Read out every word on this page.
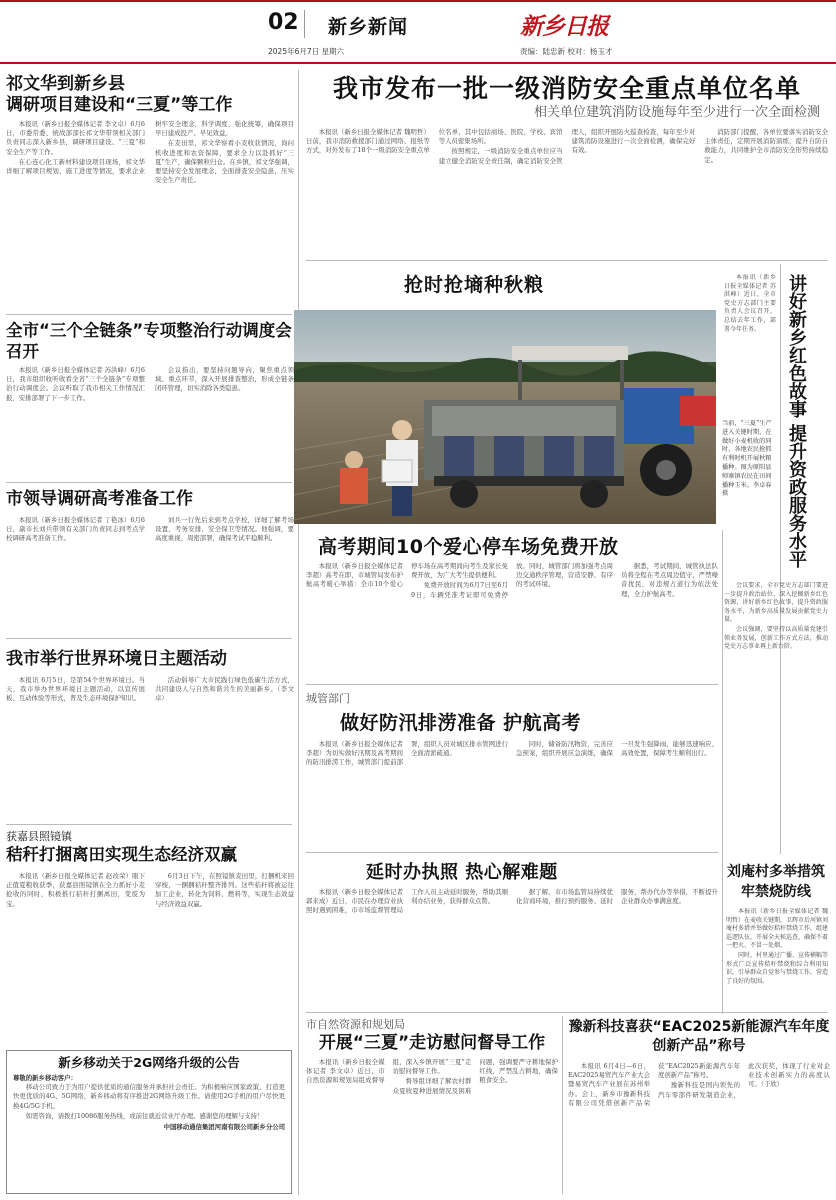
02 新乡新闻
2025年6月7日 星期六
新乡日报
责编：陆忠新 校对：杨玉才
祁文华到新乡县
调研项目建设和“三夏”等工作

本报讯（新乡日报全媒体记者 李文卓）6月6日，市委常委、统战部部长祁文华带领相关部门负责同志深入新乡县，调研项目建设、“三夏”和安全生产等工作。

在心连心化工新材料建设项目现场，祁文华详细了解项目规划、施工进度等情况，要求企业树牢安全理念，科学调度、强化统筹，确保项目早日建成投产、早见效益。

在麦田里，祁文华察看小麦收获情况，询问机收进度和农资保障，要求全力以赴抓好“三夏”生产，确保颗粒归仓。在乡镇，祁文华强调，要坚持安全发展理念，全面排查安全隐患，压实安全生产责任。

全市“三个全链条”专项整治行动调度会召开

本报讯（新乡日报全媒体记者 苏洪峰）6月6日，我市组织收听收看全省“三个全链条”专项整治行动调度会。会议听取了我市相关工作情况汇报，安排部署了下一步工作。

会议指出，要坚持问题导向，聚焦重点领域、重点环节，深入开展排查整治，形成全链条闭环管理，切实消除各类隐患。

市领导调研高考准备工作

本报讯（新乡日报全媒体记者 丁艳冰）6月6日，副市长刘兵带领有关部门负责同志到考点学校调研高考准备工作。

刘兵一行先后来到考点学校，详细了解考场设置、考务安排、安全保卫等情况。他强调，要高度重视、周密部署，确保考试平稳顺利。

我市举行世界环境日主题活动

本报讯 6月5日，是第54个世界环境日。当天，我市举办世界环境日主题活动，以宣传展板、互动体验等形式，普及生态环境保护知识。

活动倡导广大市民践行绿色低碳生活方式，共同建设人与自然和谐共生的美丽新乡。（李文卓）

获嘉县照镜镇
秸秆打捆离田实现生态经济双赢

本报讯（新乡日报全媒体记者 赵改荣）眼下正值夏粮收获季，获嘉县照镜镇在全力抓好小麦抢收的同时，积极推行秸秆打捆离田，变废为宝。

6月3日下午，在照镜镇麦田里，打捆机来回穿梭，一捆捆秸秆整齐排列。这些秸秆将被运往加工企业，转化为饲料、燃料等，实现生态效益与经济效益双赢。

新乡移动关于2G网络升级的公告
尊敬的新乡移动客户：

移动公司致力于为用户提供优质的通信服务并承担社会责任。为积极响应国家政策，打造更快更优质的4G、5G网络，新乡移动将有序推进2G网络升级工作。请使用2G手机的用户尽快更换4G/5G手机。

如需咨询，请拨打10086服务热线，或前往就近营业厅办理。感谢您的理解与支持！

中国移动通信集团河南有限公司新乡分公司
我市发布一批一级消防安全重点单位名单
相关单位建筑消防设施每年至少进行一次全面检测

本报讯（新乡日报全媒体记者 魏明哲）日前，我市消防救援部门通过网络、报纸等方式，对外发布了18个一级消防安全重点单位名单，其中包括商场、医院、学校、宾馆等人员密集场所。

按照规定，一级消防安全重点单位应当建立健全消防安全责任制，确定消防安全管理人，组织开展防火巡查检查，每年至少对建筑消防设施进行一次全面检测，确保完好有效。

消防部门提醒，各单位要落实消防安全主体责任，定期开展消防演练，提升自防自救能力，共同维护全市消防安全形势持续稳定。

抢时抢墒种秋粮
当前，“三夏”生产进入关键时期，在做好小麦机收的同时，各地农民抢抓有利时机开展秋粮播种。图为原阳县师寨镇农民在田间播种玉米。李卓春 摄	讲好新乡红色故事 提升资政服务水平

本报讯（新乡日报全媒体记者 苏洪峰）近日，全市党史方志部门主要负责人会议召开，总结去年工作，部署今年任务。

会议要求，全市党史方志部门要进一步提升政治站位，深入挖掘新乡红色资源，讲好新乡红色故事，提升资政服务水平，为新乡高质量发展贡献党史力量。

会议强调，要坚持以高质量党建引领业务发展，创新工作方式方法，推动党史方志事业再上新台阶。

高考期间10个爱心停车场免费开放

本报讯（新乡日报全媒体记者 李超）高考在即，市城管局发布护航高考暖心举措：全市10个爱心停车场在高考期间向考生及家长免费开放，为广大考生提供便利。

免费开放时间为6月7日至6月9日，车辆凭准考证即可免费停放。同时，城管部门将加强考点周边交通秩序管理，营造安静、有序的考试环境。

据悉，考试期间，城管执法队员将全程在考点周边值守，严禁噪音扰民，对违规占道行为依法处理，全力护航高考。

城管部门
做好防汛排涝准备 护航高考

本报讯（新乡日报全媒体记者 李超）为切实做好汛期及高考期间的防汛排涝工作，城管部门提前部署，组织人员对城区排水管网进行全面清淤疏通。

同时，储备防汛物资，完善应急预案，组织开展应急演练，确保一旦发生强降雨，能够迅速响应、高效处置，保障考生顺利出行。

延时办执照 热心解难题

本报讯（新乡日报全媒体记者 郭来成）近日，市民在办理营业执照时遇到困难，市市场监督管理局工作人员主动延时服务，帮助其顺利办结业务，获得群众点赞。

据了解，市市场监管局持续优化营商环境，推行预约服务、延时服务、帮办代办等举措，不断提升企业群众办事满意度。

刘庵村多举措筑牢禁烧防线

本报讯（新乡日报全媒体记者 魏明哲）在麦收关键期，卫辉市后河镇刘庵村多措并举做好秸秆禁烧工作，组建巡逻队伍，开展全天候巡查，确保不着一把火、不冒一处烟。

同时，村里通过广播、宣传横幅等形式广泛宣传秸秆禁烧和综合利用知识，引导群众自觉参与禁烧工作，营造了良好的氛围。

市自然资源和规划局
开展“三夏”走访慰问督导工作

本报讯（新乡日报全媒体记者 李文卓）近日，市自然资源和规划局组成督导组，深入乡镇开展“三夏”走访慰问督导工作。

督导组详细了解农村群众夏收夏种进展情况及困难问题，强调要严守耕地保护红线，严禁乱占耕地，确保粮食安全。

豫新科技喜获“EAC2025新能源汽车年度创新产品”称号

本报讯 6月4日—6日，EAC2025易贸汽车产业大会暨易贸汽车产业展在苏州举办。会上，新乡市豫新科技有限公司凭借创新产品荣获“EAC2025新能源汽车年度创新产品”称号。

豫新科技是国内领先的汽车零部件研发制造企业，此次获奖，体现了行业对企业技术创新实力的高度认可。（于欣）
